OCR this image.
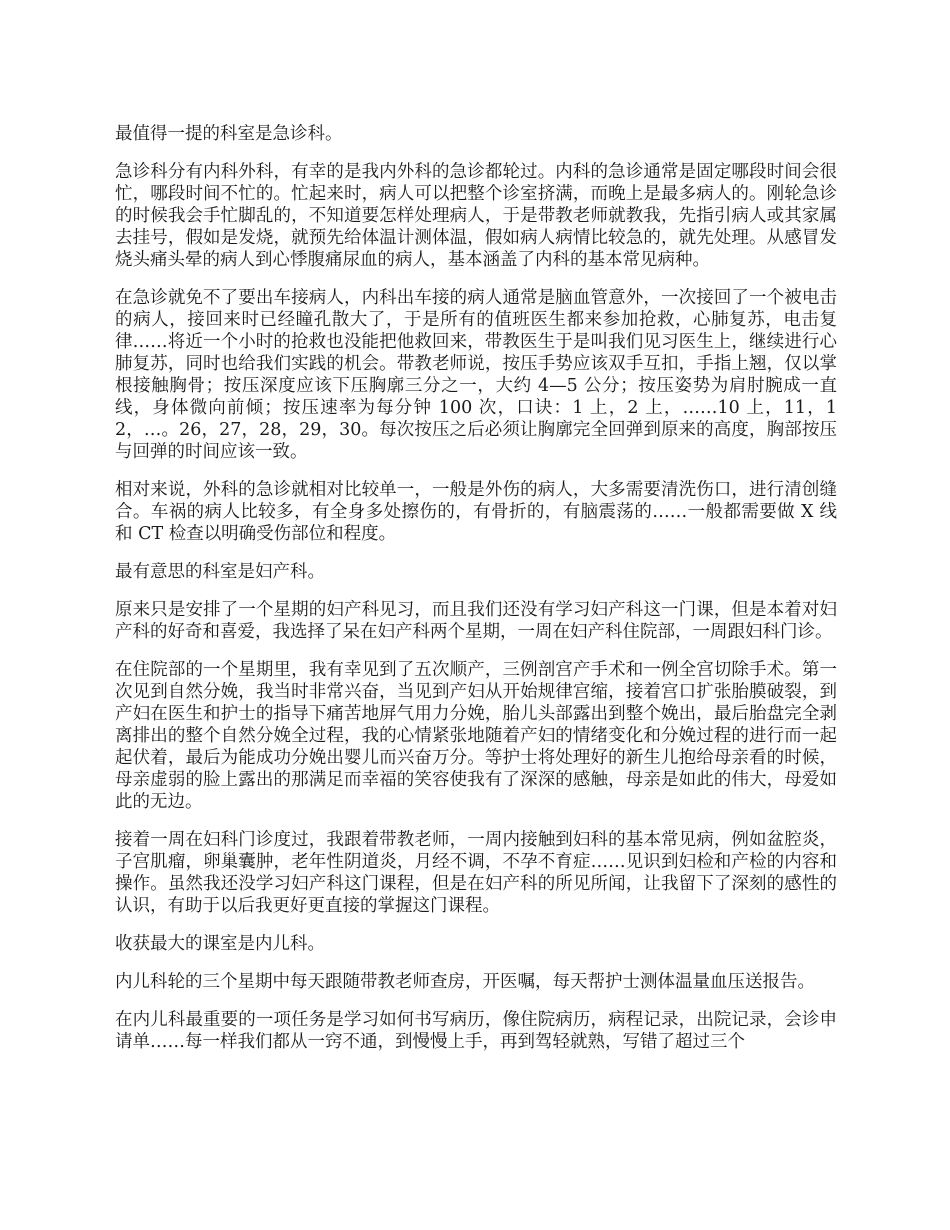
最值得一提的科室是急诊科。

急诊科分有内科外科，有幸的是我内外科的急诊都轮过。内科的急诊通常是固定哪段时间会很忙，哪段时间不忙的。忙起来时，病人可以把整个诊室挤满，而晚上是最多病人的。刚轮急诊的时候我会手忙脚乱的，不知道要怎样处理病人，于是带教老师就教我，先指引病人或其家属去挂号，假如是发烧，就预先给体温计测体温，假如病人病情比较急的，就先处理。从感冒发烧头痛头晕的病人到心悸腹痛尿血的病人，基本涵盖了内科的基本常见病种。

在急诊就免不了要出车接病人，内科出车接的病人通常是脑血管意外，一次接回了一个被电击的病人，接回来时已经瞳孔散大了，于是所有的值班医生都来参加抢救，心肺复苏，电击复律……将近一个小时的抢救也没能把他救回来，带教医生于是叫我们见习医生上，继续进行心肺复苏，同时也给我们实践的机会。带教老师说，按压手势应该双手互扣，手指上翘，仅以掌根接触胸骨；按压深度应该下压胸廓三分之一，大约 4—5 公分；按压姿势为肩肘腕成一直线，身体微向前倾；按压速率为每分钟 100 次，口诀：1 上，2 上，……10 上，11，12，…。26，27，28，29，30。每次按压之后必须让胸廓完全回弹到原来的高度，胸部按压与回弹的时间应该一致。

相对来说，外科的急诊就相对比较单一，一般是外伤的病人，大多需要清洗伤口，进行清创缝合。车祸的病人比较多，有全身多处擦伤的，有骨折的，有脑震荡的……一般都需要做 X 线和 CT 检查以明确受伤部位和程度。

最有意思的科室是妇产科。

原来只是安排了一个星期的妇产科见习，而且我们还没有学习妇产科这一门课，但是本着对妇产科的好奇和喜爱，我选择了呆在妇产科两个星期，一周在妇产科住院部，一周跟妇科门诊。

在住院部的一个星期里，我有幸见到了五次顺产，三例剖宫产手术和一例全宫切除手术。第一次见到自然分娩，我当时非常兴奋，当见到产妇从开始规律宫缩，接着宫口扩张胎膜破裂，到产妇在医生和护士的指导下痛苦地屏气用力分娩，胎儿头部露出到整个娩出，最后胎盘完全剥离排出的整个自然分娩全过程，我的心情紧张地随着产妇的情绪变化和分娩过程的进行而一起起伏着，最后为能成功分娩出婴儿而兴奋万分。等护士将处理好的新生儿抱给母亲看的时候，母亲虚弱的脸上露出的那满足而幸福的笑容使我有了深深的感触，母亲是如此的伟大，母爱如此的无边。

接着一周在妇科门诊度过，我跟着带教老师，一周内接触到妇科的基本常见病，例如盆腔炎，子宫肌瘤，卵巢囊肿，老年性阴道炎，月经不调，不孕不育症……见识到妇检和产检的内容和操作。虽然我还没学习妇产科这门课程，但是在妇产科的所见所闻，让我留下了深刻的感性的认识，有助于以后我更好更直接的掌握这门课程。

收获最大的课室是内儿科。

内儿科轮的三个星期中每天跟随带教老师查房，开医嘱，每天帮护士测体温量血压送报告。

在内儿科最重要的一项任务是学习如何书写病历，像住院病历，病程记录，出院记录，会诊申请单……每一样我们都从一窍不通，到慢慢上手，再到驾轻就熟，写错了超过三个
